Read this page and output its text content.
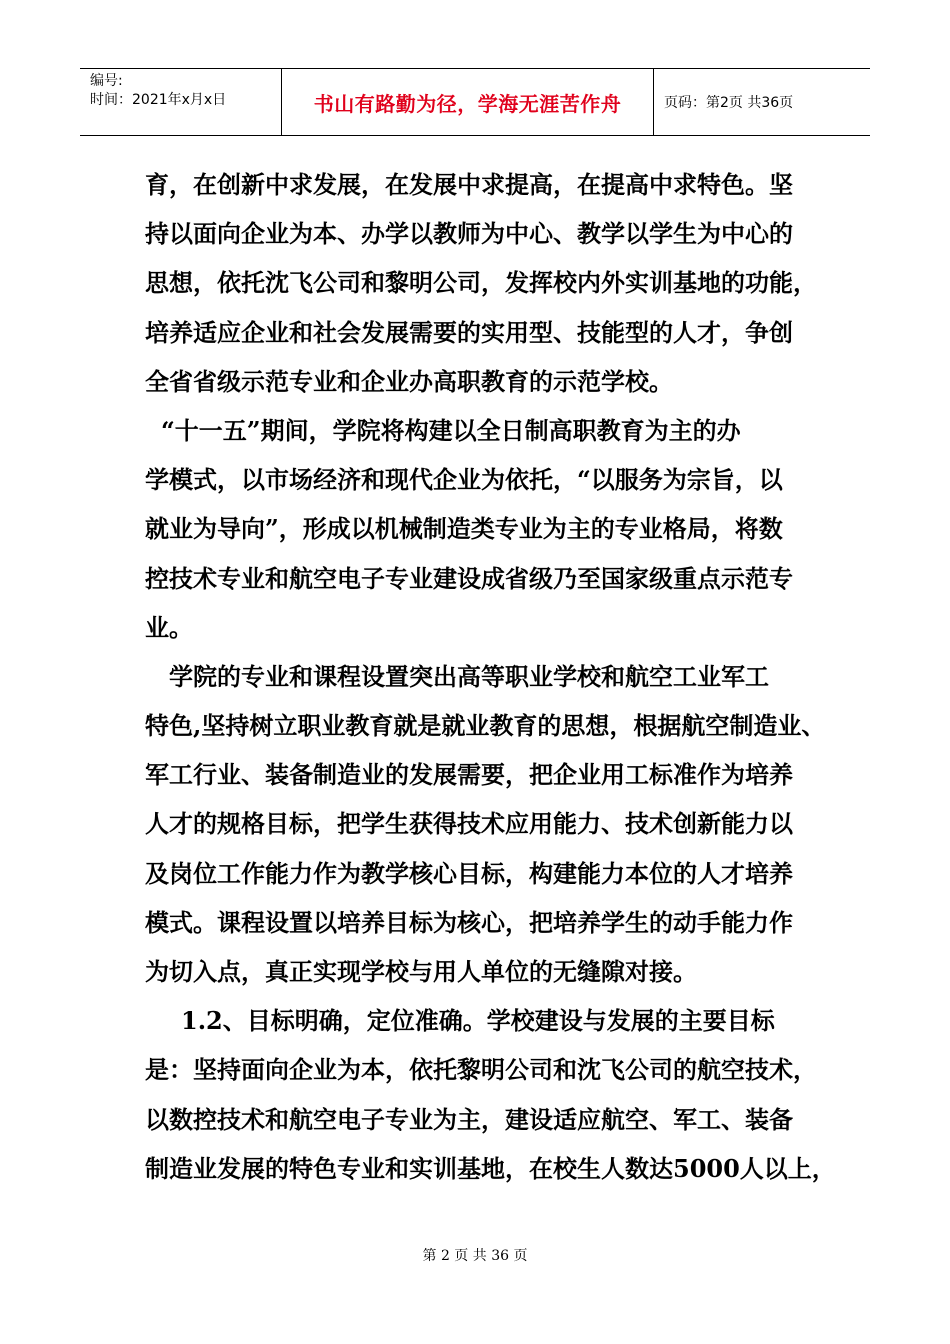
编号:
时间：2021年x月x日	书山有路勤为径，学海无涯苦作舟	页码：第2页 共36页
育，在创新中求发展，在发展中求提高，在提高中求特色。坚
持以面向企业为本、办学以教师为中心、教学以学生为中心的
思想，依托沈飞公司和黎明公司，发挥校内外实训基地的功能，
培养适应企业和社会发展需要的实用型、技能型的人才，争创
全省省级示范专业和企业办高职教育的示范学校。
“十一五”期间，学院将构建以全日制高职教育为主的办
学模式，以市场经济和现代企业为依托，“以服务为宗旨，以
就业为导向”，形成以机械制造类专业为主的专业格局，将数
控技术专业和航空电子专业建设成省级乃至国家级重点示范专
业。
学院的专业和课程设置突出高等职业学校和航空工业军工
特色,坚持树立职业教育就是就业教育的思想，根据航空制造业、
军工行业、装备制造业的发展需要，把企业用工标准作为培养
人才的规格目标，把学生获得技术应用能力、技术创新能力以
及岗位工作能力作为教学核心目标，构建能力本位的人才培养
模式。课程设置以培养目标为核心，把培养学生的动手能力作
为切入点，真正实现学校与用人单位的无缝隙对接。
1.2、目标明确，定位准确。学校建设与发展的主要目标
是：坚持面向企业为本，依托黎明公司和沈飞公司的航空技术，
以数控技术和航空电子专业为主，建设适应航空、军工、装备
制造业发展的特色专业和实训基地，在校生人数达5000人以上，
第 2 页 共 36 页
